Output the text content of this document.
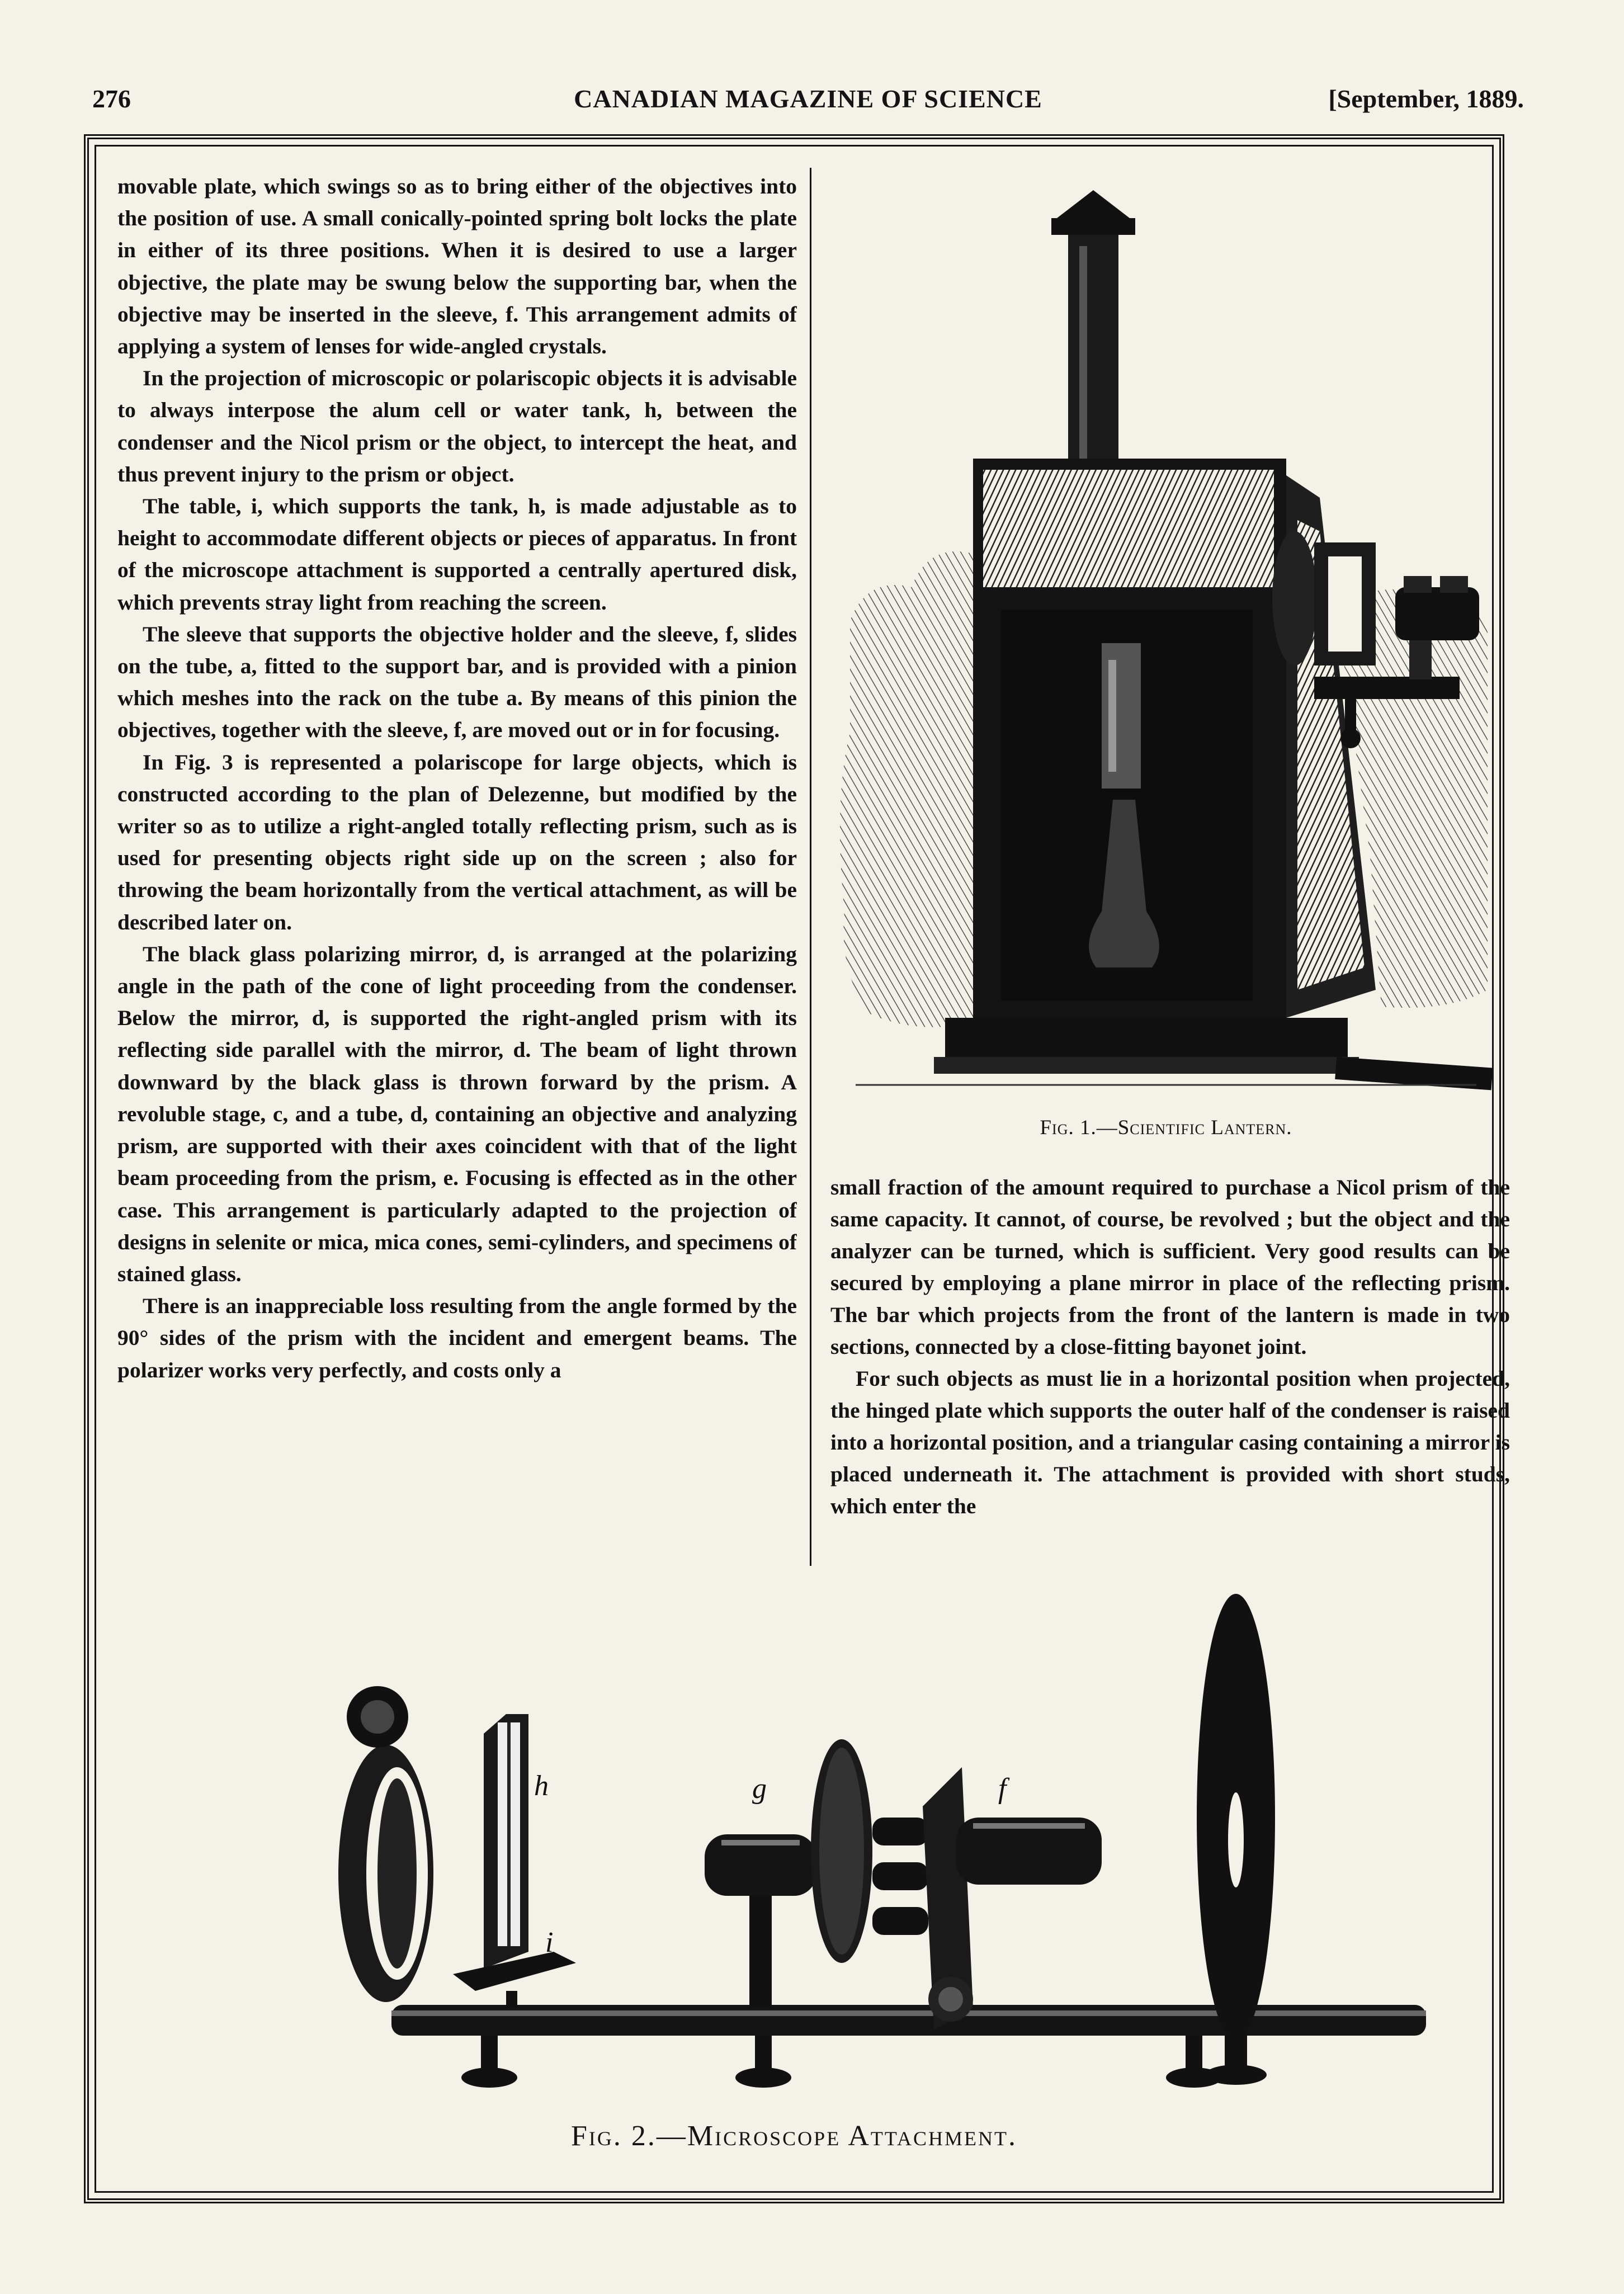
276	CANADIAN MAGAZINE OF SCIENCE	[September, 1889.

movable plate, which swings so as to bring either of the objectives into the position of use. A small conically-pointed spring bolt locks the plate in either of its three positions. When it is desired to use a larger objective, the plate may be swung below the supporting bar, when the objective may be inserted in the sleeve, f. This arrangement admits of applying a system of lenses for wide-angled crystals.

In the projection of microscopic or polariscopic objects it is advisable to always interpose the alum cell or water tank, h, between the condenser and the Nicol prism or the object, to intercept the heat, and thus prevent injury to the prism or object.

The table, i, which supports the tank, h, is made adjustable as to height to accommodate different objects or pieces of apparatus. In front of the microscope attachment is supported a centrally apertured disk, which prevents stray light from reaching the screen.

The sleeve that supports the objective holder and the sleeve, f, slides on the tube, a, fitted to the support bar, and is provided with a pinion which meshes into the rack on the tube a. By means of this pinion the objectives, together with the sleeve, f, are moved out or in for focusing.

In Fig. 3 is represented a polariscope for large objects, which is constructed according to the plan of Delezenne, but modified by the writer so as to utilize a right-angled totally reflecting prism, such as is used for presenting objects right side up on the screen ; also for throwing the beam horizontally from the vertical attachment, as will be described later on.

The black glass polarizing mirror, d, is arranged at the polarizing angle in the path of the cone of light proceeding from the condenser. Below the mirror, d, is supported the right-angled prism with its reflecting side parallel with the mirror, d. The beam of light thrown downward by the black glass is thrown forward by the prism. A revoluble stage, c, and a tube, d, containing an objective and analyzing prism, are supported with their axes coincident with that of the light beam proceeding from the prism, e. Focusing is effected as in the other case. This arrangement is particularly adapted to the projection of designs in selenite or mica, mica cones, semi-cylinders, and specimens of stained glass.

There is an inappreciable loss resulting from the angle formed by the 90° sides of the prism with the incident and emergent beams. The polarizer works very perfectly, and costs only a

Fig. 1.—Scientific Lantern.

small fraction of the amount required to purchase a Nicol prism of the same capacity. It cannot, of course, be revolved ; but the object and the analyzer can be turned, which is sufficient. Very good results can be secured by employing a plane mirror in place of the reflecting prism. The bar which projects from the front of the lantern is made in two sections, connected by a close-fitting bayonet joint.

For such objects as must lie in a horizontal position when projected, the hinged plate which supports the outer half of the condenser is raised into a horizontal position, and a triangular casing containing a mirror is placed underneath it. The attachment is provided with short studs, which enter the

h
i
g	f
Fig. 2.—Microscope Attachment.
